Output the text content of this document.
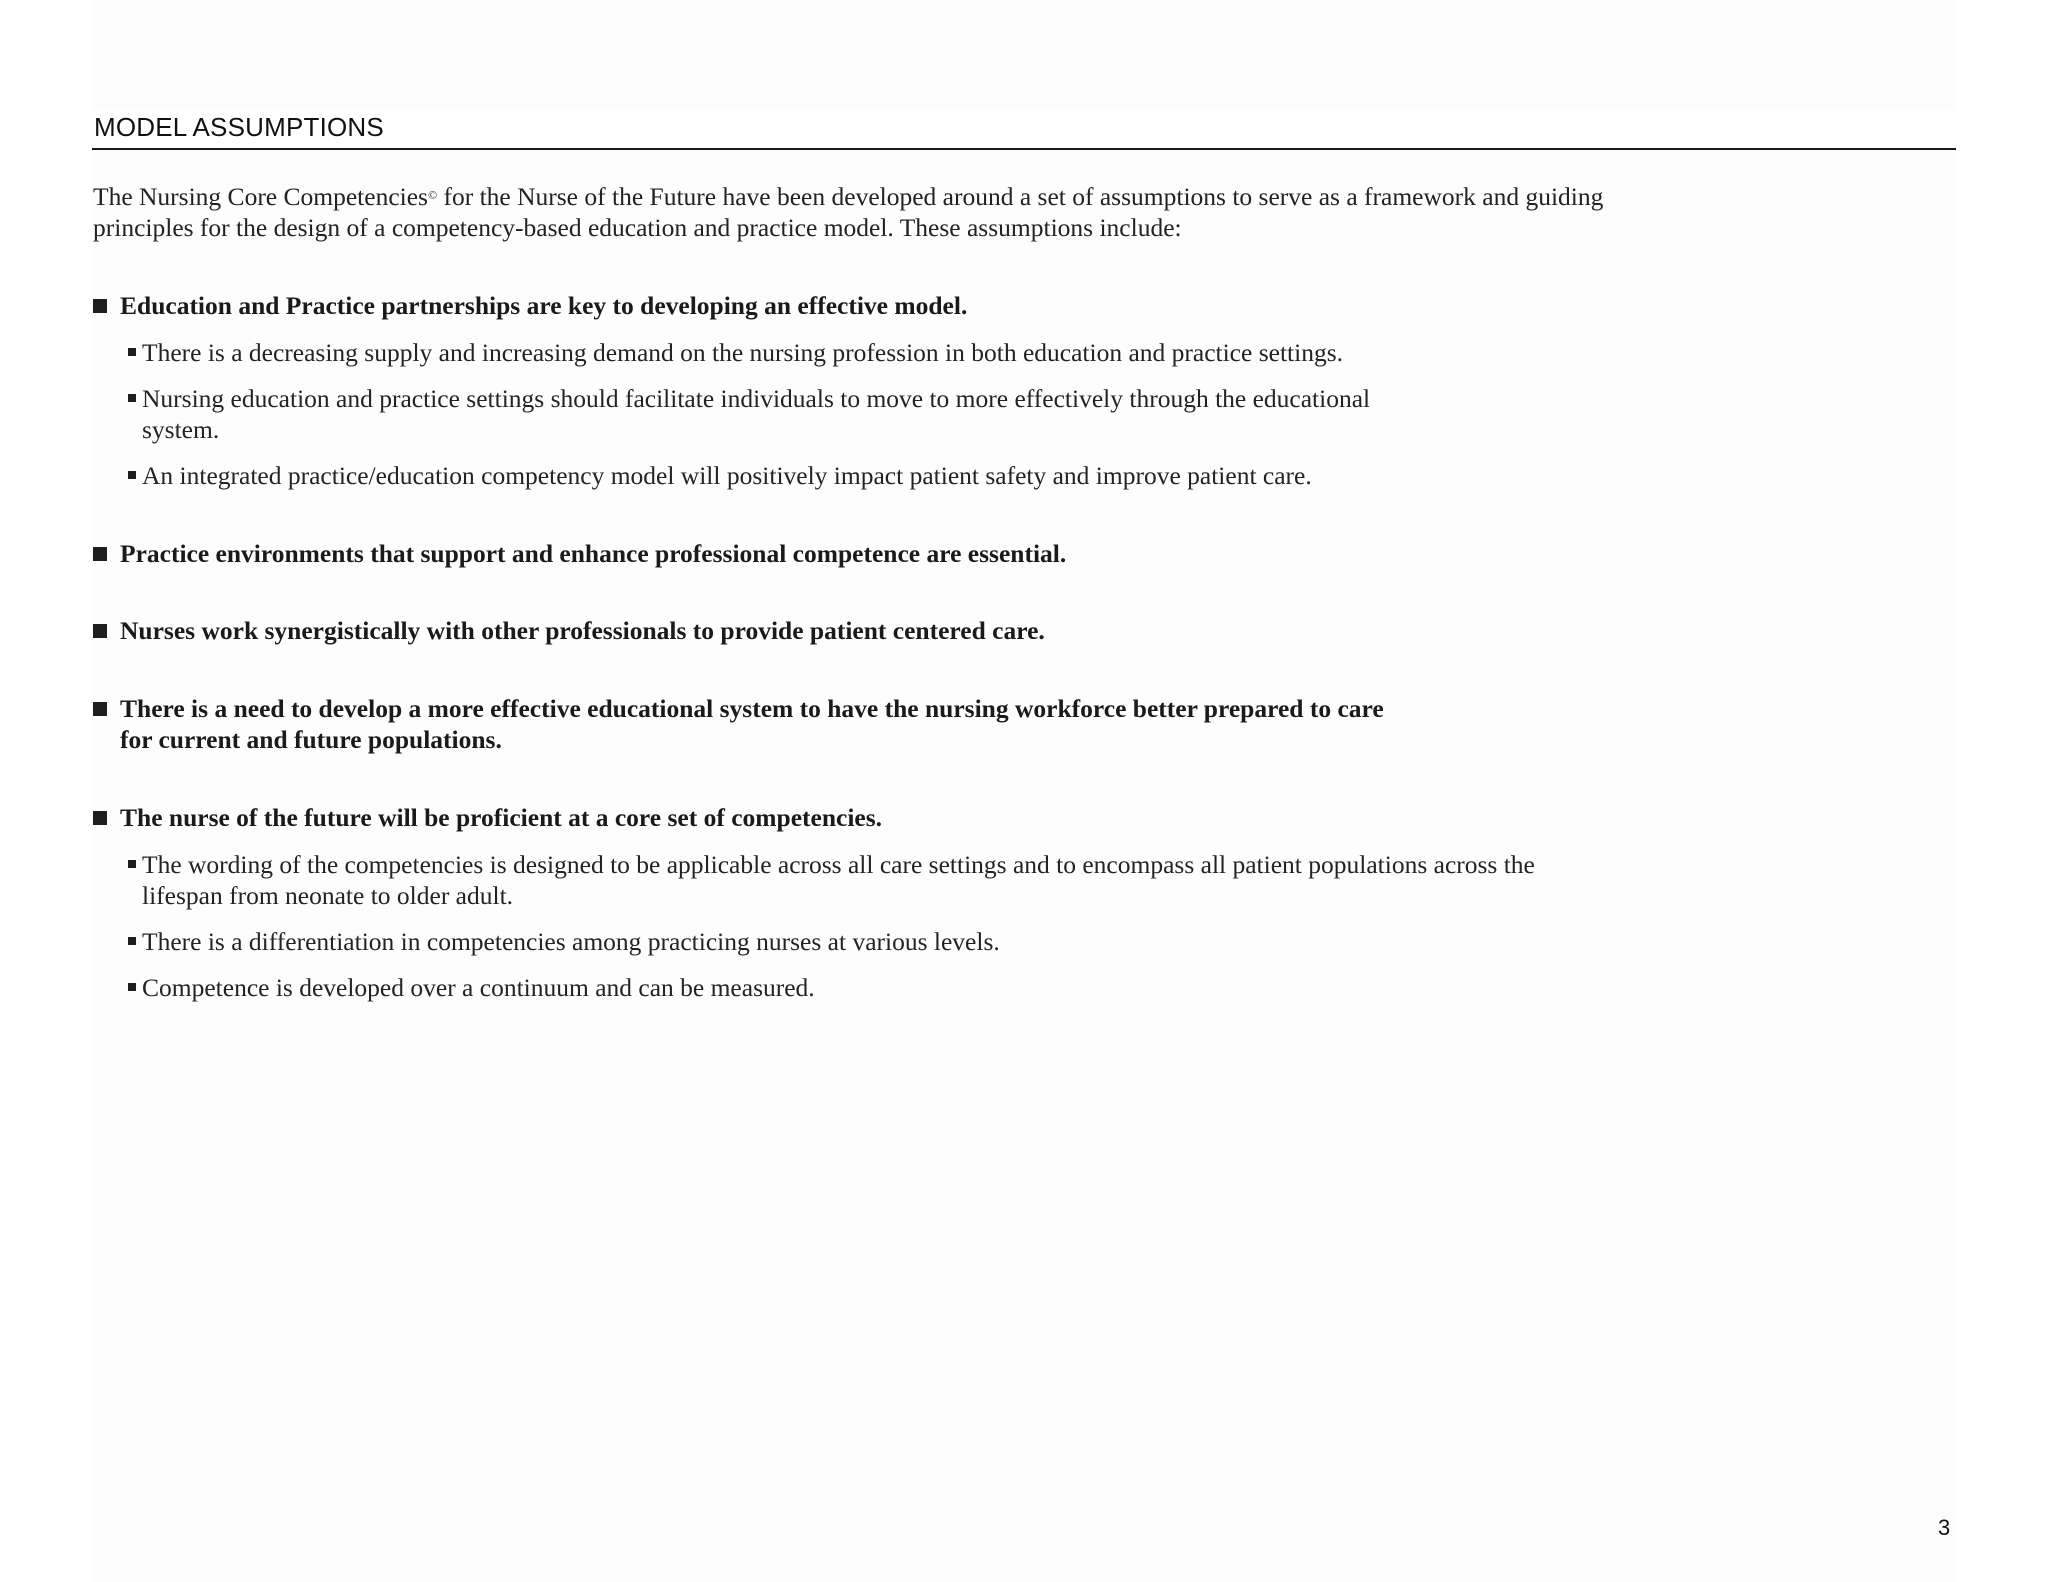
MODEL ASSUMPTIONS
The Nursing Core Competencies© for the Nurse of the Future have been developed around a set of assumptions to serve as a framework and guiding principles for the design of a competency-based education and practice model. These assumptions include:
Education and Practice partnerships are key to developing an effective model.
There is a decreasing supply and increasing demand on the nursing profession in both education and practice settings.
Nursing education and practice settings should facilitate individuals to move to more effectively through the educational system.
An integrated practice/education competency model will positively impact patient safety and improve patient care.
Practice environments that support and enhance professional competence are essential.
Nurses work synergistically with other professionals to provide patient centered care.
There is a need to develop a more effective educational system to have the nursing workforce better prepared to care for current and future populations.
The nurse of the future will be proficient at a core set of competencies.
The wording of the competencies is designed to be applicable across all care settings and to encompass all patient populations across the lifespan from neonate to older adult.
There is a differentiation in competencies among practicing nurses at various levels.
Competence is developed over a continuum and can be measured.
3
